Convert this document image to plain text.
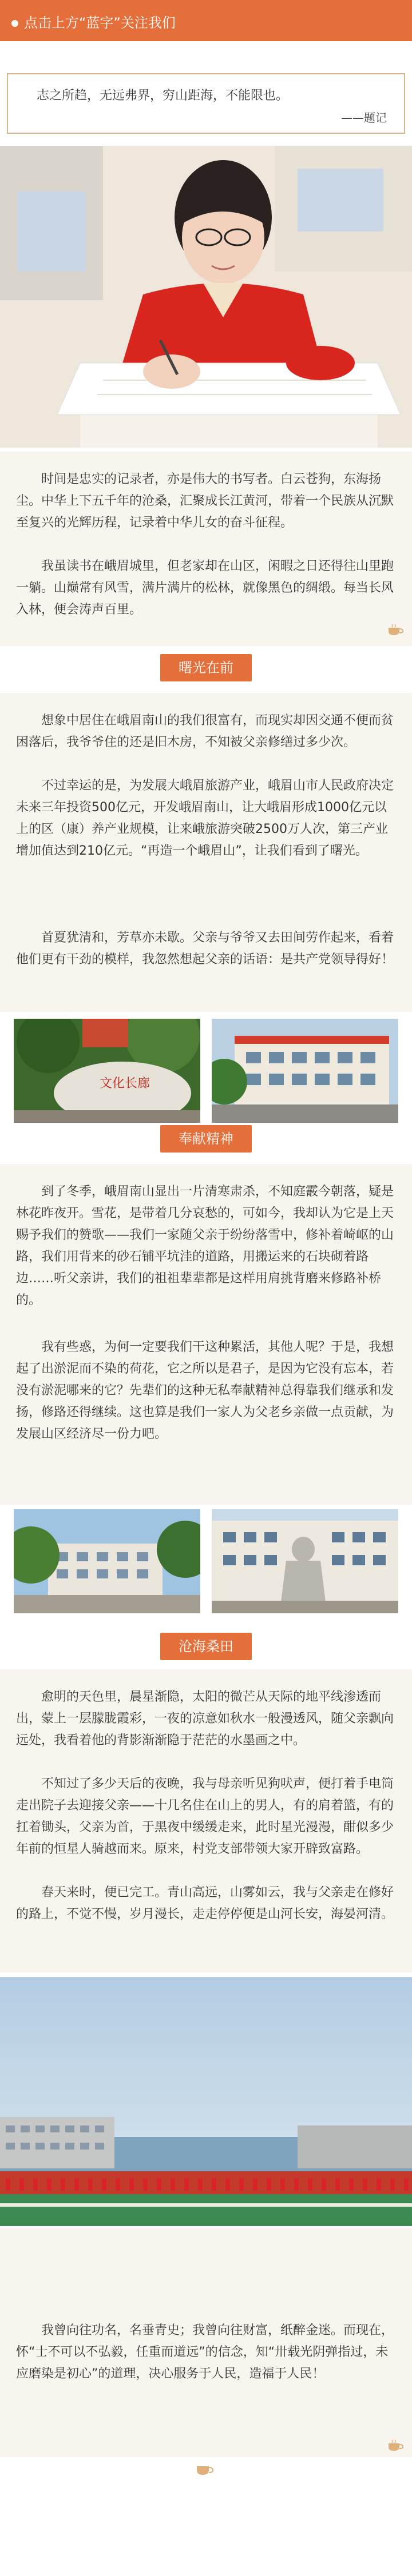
点击上方“蓝字”关注我们
志之所趋，无远弗界，穷山距海，不能限也。
——题记

时间是忠实的记录者，亦是伟大的书写者。白云苍狗，东海扬尘。中华上下五千年的沧桑，汇聚成长江黄河，带着一个民族从沉默至复兴的光辉历程，记录着中华儿女的奋斗征程。

我虽读书在峨眉城里，但老家却在山区，闲暇之日还得往山里跑一躺。山巅常有风雪，满片满片的松林，就像黑色的绸缎。每当长风入林，便会涛声百里。

曙光在前

想象中居住在峨眉南山的我们很富有，而现实却因交通不便而贫困落后，我爷爷住的还是旧木房，不知被父亲修缮过多少次。

不过幸运的是，为发展大峨眉旅游产业，峨眉山市人民政府决定未来三年投资500亿元，开发峨眉南山，让大峨眉形成1000亿元以上的区（康）养产业规模，让来峨旅游突破2500万人次，第三产业增加值达到210亿元。“再造一个峨眉山”，让我们看到了曙光。

首夏犹清和，芳草亦未歇。父亲与爷爷又去田间劳作起来，看着他们更有干劲的模样，我忽然想起父亲的话语：是共产党领导得好！

文化长廊
奉献精神

到了冬季，峨眉南山显出一片清寒肃杀，不知庭霰今朝落，疑是林花昨夜开。雪花，是带着几分哀愁的，可如今，我却认为它是上天赐予我们的赞歌——我们一家随父亲于纷纷落雪中，修补着崎岖的山路，我们用背来的砂石铺平坑洼的道路，用搬运来的石块砌着路边……听父亲讲，我们的祖祖辈辈都是这样用肩挑背磨来修路补桥的。

我有些惑，为何一定要我们干这种累活，其他人呢？于是，我想起了出淤泥而不染的荷花，它之所以是君子，是因为它没有忘本，若没有淤泥哪来的它？先辈们的这种无私奉献精神总得靠我们继承和发扬，修路还得继续。这也算是我们一家人为父老乡亲做一点贡献，为发展山区经济尽一份力吧。

沧海桑田

愈明的天色里，晨星渐隐，太阳的微芒从天际的地平线渗透而出，蒙上一层朦胧霞彩，一夜的凉意如秋水一般漫透风，随父亲飘向远处，我看着他的背影渐渐隐于茫茫的水墨画之中。

不知过了多少天后的夜晚，我与母亲听见狗吠声，便打着手电筒走出院子去迎接父亲——十几名住在山上的男人，有的肩着篮，有的扛着锄头，父亲为首，于黑夜中缓缓走来，此时星光漫漫，酣似多少年前的恒星人骑越而来。原来，村党支部带领大家开辟致富路。

春天来时，便已完工。青山高远，山雾如云，我与父亲走在修好的路上，不觉不慢，岁月漫长，走走停停便是山河长安，海晏河清。

我曾向往功名，名垂青史；我曾向往财富，纸醉金迷。而现在，怀“士不可以不弘毅，任重而道远”的信念，知“卅载光阴弹指过，未应磨染是初心”的道理，决心服务于人民，造福于人民！
